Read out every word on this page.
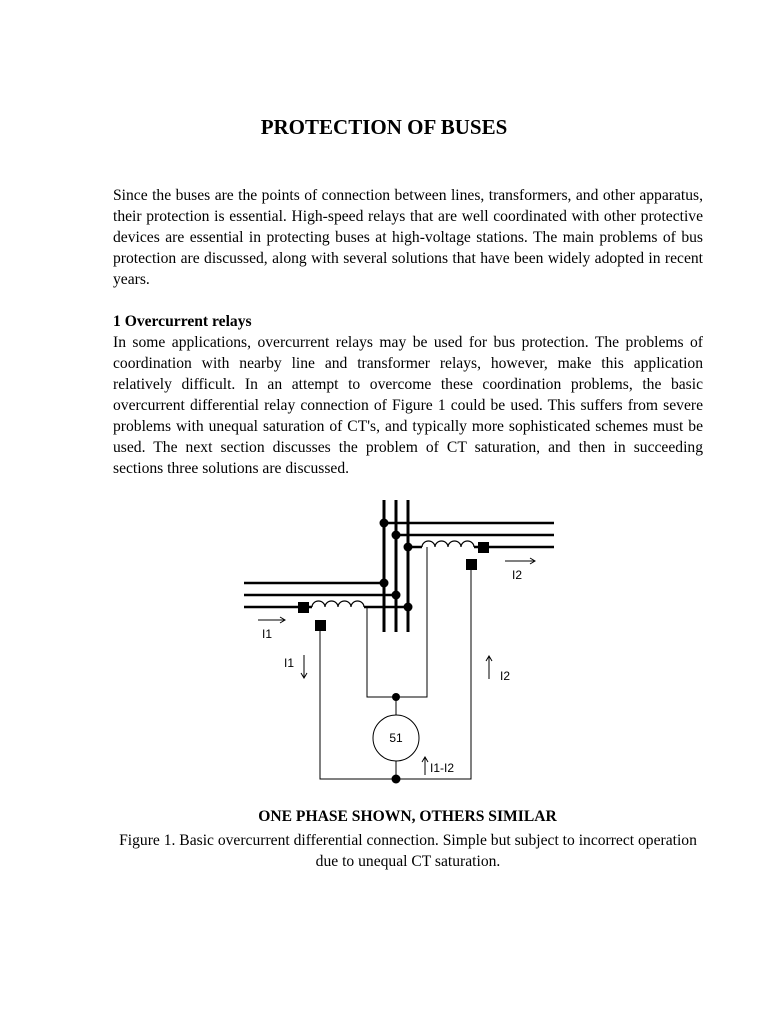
PROTECTION OF BUSES

Since the buses are the points of connection between lines, transformers, and other apparatus, their protection is essential. High-speed relays that are well coordinated with other protective devices are essential in protecting buses at high-voltage stations. The main problems of bus protection are discussed, along with several solutions that have been widely adopted in recent years.

1 Overcurrent relays

In some applications, overcurrent relays may be used for bus protection. The problems of coordination with nearby line and transformer relays, however, make this application relatively difficult. In an attempt to overcome these coordination problems, the basic overcurrent differential relay connection of Figure 1 could be used. This suffers from severe problems with unequal saturation of CT's, and typically more sophisticated schemes must be used. The next section discusses the problem of CT saturation, and then in succeeding sections three solutions are discussed.

51
I2
I1
I1
I2
I1-I2
ONE PHASE SHOWN, OTHERS SIMILAR
Figure 1. Basic overcurrent differential connection. Simple but subject to incorrect operation due to unequal CT saturation.
